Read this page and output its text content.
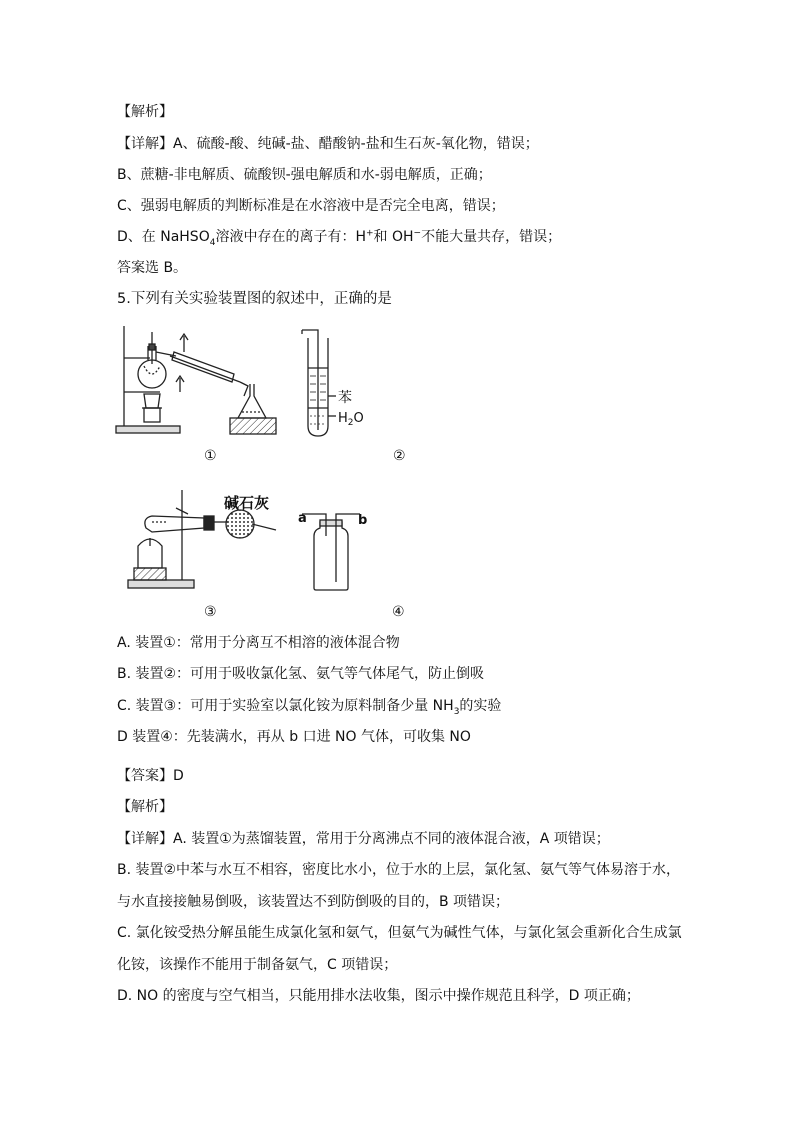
【解析】
【详解】A、硫酸-酸、纯碱-盐、醋酸钠-盐和生石灰-氧化物，错误；
B、蔗糖-非电解质、硫酸钡-强电解质和水-弱电解质，正确；
C、强弱电解质的判断标准是在水溶液中是否完全电离，错误；
D、在 NaHSO$_4$溶液中存在的离子有：H+和 OH−不能大量共存，错误；
答案选 B。
5.下列有关实验装置图的叙述中，正确的是
①
苯
$H_2O$
②
碱石灰
③
a	b
④
A. 装置①：常用于分离互不相溶的液体混合物
B. 装置②：可用于吸收氯化氢、氨气等气体尾气，防止倒吸
C. 装置③：可用于实验室以氯化铵为原料制备少量 $NH_3$的实验
D 装置④：先装满水，再从 b 口进 NO 气体，可收集 NO
【答案】D
【解析】
【详解】A. 装置①为蒸馏装置，常用于分离沸点不同的液体混合液，A 项错误；
B. 装置②中苯与水互不相容，密度比水小，位于水的上层，氯化氢、氨气等气体易溶于水，
与水直接接触易倒吸，该装置达不到防倒吸的目的，B 项错误；
C. 氯化铵受热分解虽能生成氯化氢和氨气，但氨气为碱性气体，与氯化氢会重新化合生成氯
化铵，该操作不能用于制备氨气，C 项错误；
D. NO 的密度与空气相当，只能用排水法收集，图示中操作规范且科学，D 项正确；
